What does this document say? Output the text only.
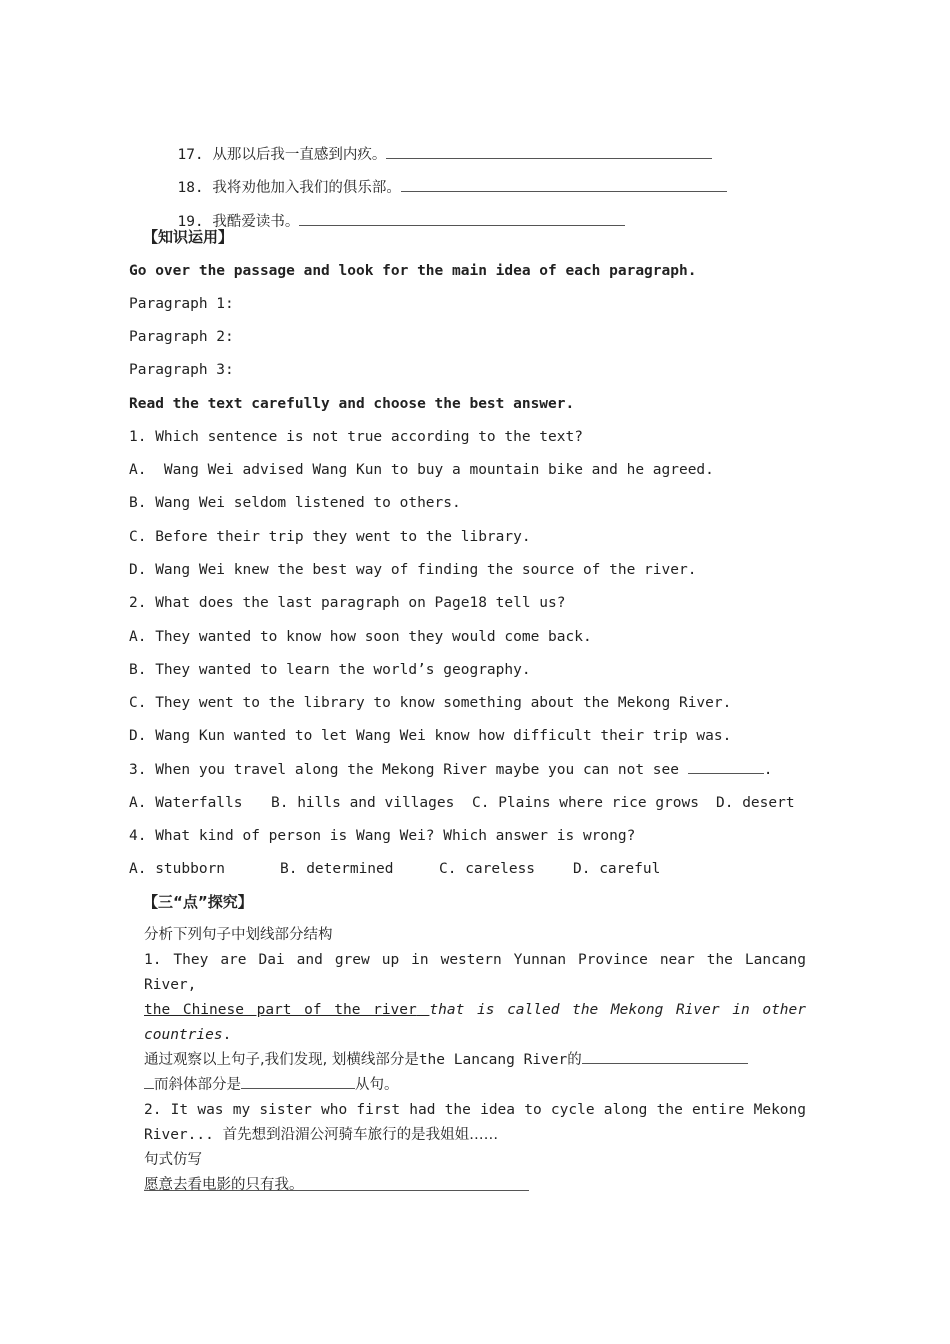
17. 从那以后我一直感到内疚。

18. 我将劝他加入我们的俱乐部。

19. 我酷爱读书。

【知识运用】
Go over the passage and look for the main idea of each paragraph.
Paragraph 1:
Paragraph 2:
Paragraph 3:
Read the text carefully and choose the best answer.
1. Which sentence is not true according to the text?
A.  Wang Wei advised Wang Kun to buy a mountain bike and he agreed.
B. Wang Wei seldom listened to others.
C. Before their trip they went to the library.
D. Wang Wei knew the best way of finding the source of the river.
2. What does the last paragraph on Page18 tell us?
A. They wanted to know how soon they would come back.
B. They wanted to learn the world’s geography.
C. They went to the library to know something about the Mekong River.
D. Wang Kun wanted to let Wang Wei know how difficult their trip was.
3. When you travel along the Mekong River maybe you can not see	.
A. Waterfalls B. hills and villages C. Plains where rice grows D. desert
4. What kind of person is Wang Wei? Which answer is wrong?
A. stubborn	B. determined	C. careless	D. careful
【三“点”探究】
分析下列句子中划线部分结构
1. They are Dai and grew up in western Yunnan Province near the Lancang River,
the Chinese part of the river that is called the Mekong River in other
countries.
通过观察以上句子,我们发现, 划横线部分是the Lancang River的
而斜体部分是	从句。
2. It was my sister who first had the idea to cycle along the entire Mekong
River... 首先想到沿湄公河骑车旅行的是我姐姐……
句式仿写
愿意去看电影的只有我。
